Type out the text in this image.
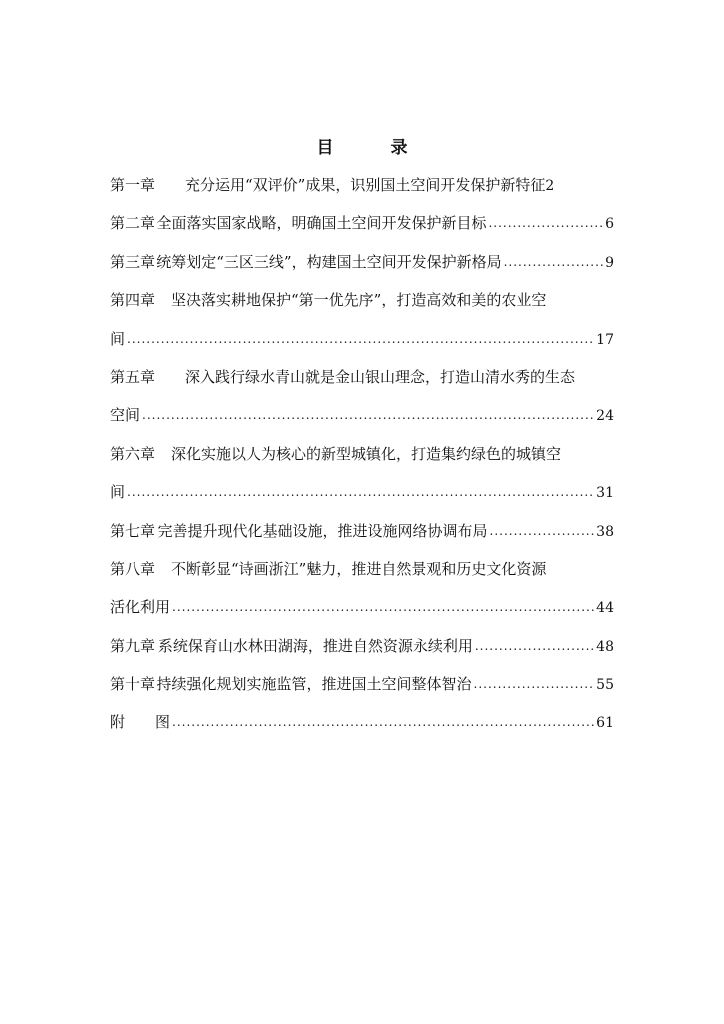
目　录
第一章 充分运用“双评价”成果，识别国土空间开发保护新特征 2
第二章 全面落实国家战略，明确国土空间开发保护新目标 .....	6
第三章 统筹划定“三区三线”，构建国土空间开发保护新格局 .....	9
第四章 坚决落实耕地保护“第一优先序”，打造高效和美的农业空
间 .....	17
第五章 深入践行绿水青山就是金山银山理念，打造山清水秀的生态
空间 .....	24
第六章 深化实施以人为核心的新型城镇化，打造集约绿色的城镇空
间 .....	31
第七章 完善提升现代化基础设施，推进设施网络协调布局 .....	38
第八章 不断彰显“诗画浙江”魅力，推进自然景观和历史文化资源
活化利用 .....	44
第九章 系统保育山水林田湖海，推进自然资源永续利用 .....	48
第十章 持续强化规划实施监管，推进国土空间整体智治 .....	55
附　　图 .....	61
